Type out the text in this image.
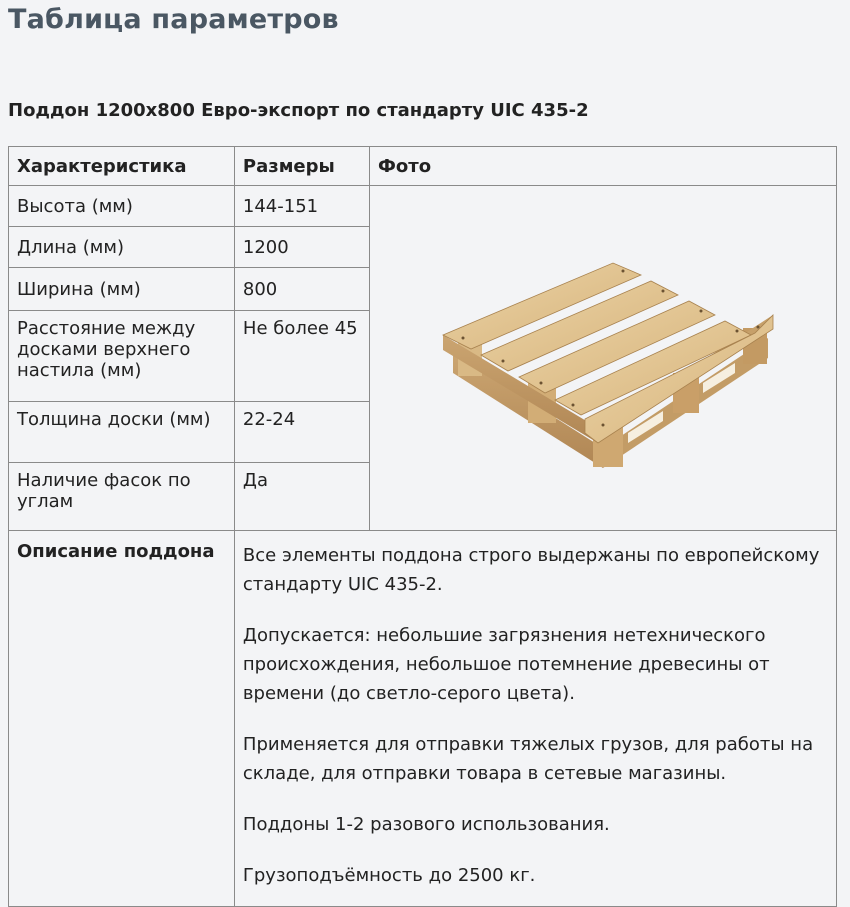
Таблица параметров
Поддон 1200x800 Евро-экспорт по стандарту UIC 435-2
Характеристика	Размеры	Фото
Высота (мм)	144-151	

Длина (мм)	1200	
Ширина (мм)	800	
Расстояние между досками верхнего настила (мм)	Не более 45	
Толщина доски (мм)	22-24	
Наличие фасок по углам	Да	
Описание поддона	Все элементы поддона строго выдержаны по европейскому стандарту UIC 435-2.

Допускается: небольшие загрязнения нетехнического происхождения, небольшое потемнение древесины от времени (до светло-серого цвета).

Применяется для отправки тяжелых грузов, для работы на складе, для отправки товара в сетевые магазины.

Поддоны 1-2 разового использования.

Грузоподъёмность до 2500 кг.	
